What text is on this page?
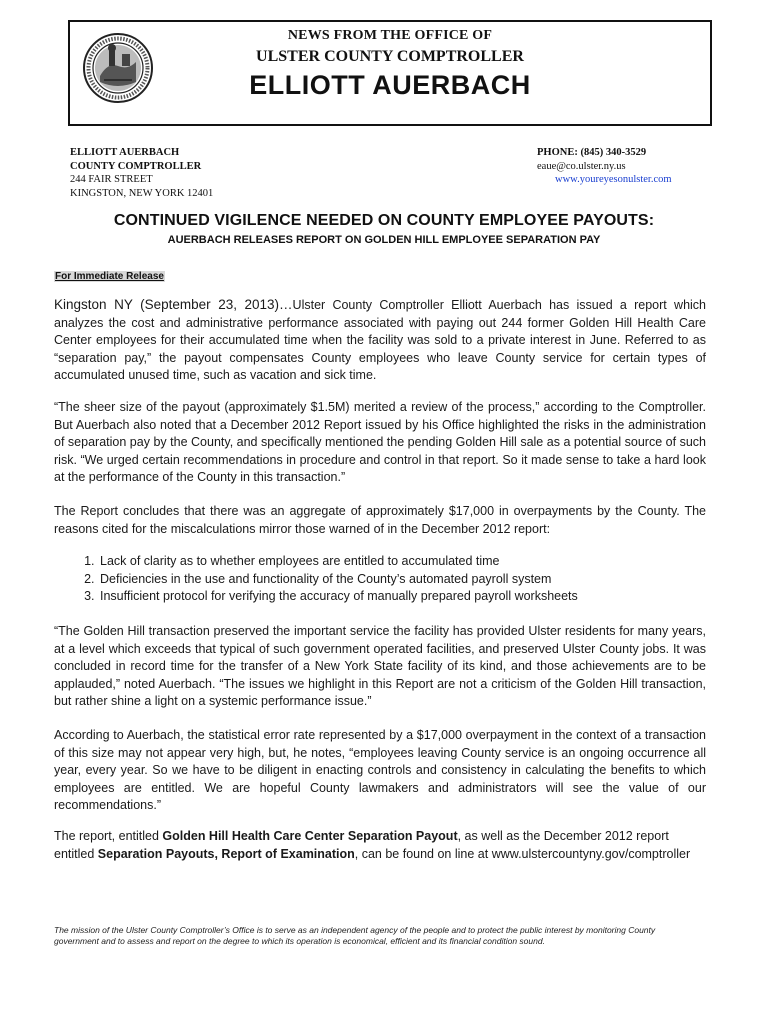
NEWS FROM THE OFFICE OF
ULSTER COUNTY COMPTROLLER
ELLIOTT AUERBACH
ELLIOTT AUERBACH
COUNTY COMPTROLLER
244 FAIR STREET
KINGSTON, NEW YORK 12401
PHONE: (845) 340-3529
eaue@co.ulster.ny.us
www.youreyesonulster.com
CONTINUED VIGILENCE NEEDED ON COUNTY EMPLOYEE PAYOUTS:
AUERBACH RELEASES REPORT ON GOLDEN HILL EMPLOYEE SEPARATION PAY
For Immediate Release
Kingston NY (September 23, 2013)…Ulster County Comptroller Elliott Auerbach has issued a report which analyzes the cost and administrative performance associated with paying out 244 former Golden Hill Health Care Center employees for their accumulated time when the facility was sold to a private interest in June. Referred to as “separation pay,” the payout compensates County employees who leave County service for certain types of accumulated unused time, such as vacation and sick time.
“The sheer size of the payout (approximately $1.5M) merited a review of the process,” according to the Comptroller. But Auerbach also noted that a December 2012 Report issued by his Office highlighted the risks in the administration of separation pay by the County, and specifically mentioned the pending Golden Hill sale as a potential source of such risk. “We urged certain recommendations in procedure and control in that report. So it made sense to take a hard look at the performance of the County in this transaction.”
The Report concludes that there was an aggregate of approximately $17,000 in overpayments by the County. The reasons cited for the miscalculations mirror those warned of in the December 2012 report:
1. Lack of clarity as to whether employees are entitled to accumulated time
2. Deficiencies in the use and functionality of the County’s automated payroll system
3. Insufficient protocol for verifying the accuracy of manually prepared payroll worksheets
“The Golden Hill transaction preserved the important service the facility has provided Ulster residents for many years, at a level which exceeds that typical of such government operated facilities, and preserved Ulster County jobs. It was concluded in record time for the transfer of a New York State facility of its kind, and those achievements are to be applauded,” noted Auerbach. “The issues we highlight in this Report are not a criticism of the Golden Hill transaction, but rather shine a light on a systemic performance issue.”
According to Auerbach, the statistical error rate represented by a $17,000 overpayment in the context of a transaction of this size may not appear very high, but, he notes, “employees leaving County service is an ongoing occurrence all year, every year. So we have to be diligent in enacting controls and consistency in calculating the benefits to which employees are entitled. We are hopeful County lawmakers and administrators will see the value of our recommendations.”
The report, entitled Golden Hill Health Care Center Separation Payout, as well as the December 2012 report entitled Separation Payouts, Report of Examination, can be found on line at www.ulstercountyny.gov/comptroller
The mission of the Ulster County Comptroller’s Office is to serve as an independent agency of the people and to protect the public interest by monitoring County government and to assess and report on the degree to which its operation is economical, efficient and its financial condition sound.
